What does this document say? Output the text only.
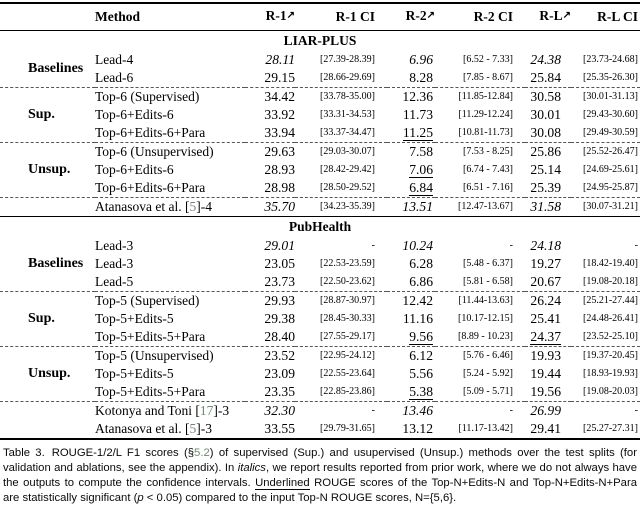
	Method	R-1↗	R-1 CI	R-2↗	R-2 CI	R-L↗	R-L CI
LIAR-PLUS							
Baselines	Lead-4	28.11	[27.39-28.39]	6.96	[6.52 - 7.33]	24.38	[23.73-24.68]
	Lead-6	29.15	[28.66-29.69]	8.28	[7.85 - 8.67]	25.84	[25.35-26.30]
Sup.	Top-6 (Supervised)	34.42	[33.78-35.00]	12.36	[11.85-12.84]	30.58	[30.01-31.13]
	Top-6+Edits-6	33.92	[33.31-34.53]	11.73	[11.29-12.24]	30.01	[29.43-30.60]
	Top-6+Edits-6+Para	33.94	[33.37-34.47]	11.25	[10.81-11.73]	30.08	[29.49-30.59]
Unsup.	Top-6 (Unsupervised)	29.63	[29.03-30.07]	7.58	[7.53 - 8.25]	25.86	[25.52-26.47]
	Top-6+Edits-6	28.93	[28.42-29.42]	7.06	[6.74 - 7.43]	25.14	[24.69-25.61]
	Top-6+Edits-6+Para	28.98	[28.50-29.52]	6.84	[6.51 - 7.16]	25.39	[24.95-25.87]
	Atanasova et al. [5]-4	35.70	[34.23-35.39]	13.51	[12.47-13.67]	31.58	[30.07-31.21]
PubHealth							
Baselines	Lead-3	29.01	-	10.24	-	24.18	-
	Lead-3	23.05	[22.53-23.59]	6.28	[5.48 - 6.37]	19.27	[18.42-19.40]
	Lead-5	23.73	[22.50-23.62]	6.86	[5.81 - 6.58]	20.67	[19.08-20.18]
Sup.	Top-5 (Supervised)	29.93	[28.87-30.97]	12.42	[11.44-13.63]	26.24	[25.21-27.44]
	Top-5+Edits-5	29.38	[28.45-30.33]	11.16	[10.17-12.15]	25.41	[24.48-26.41]
	Top-5+Edits-5+Para	28.40	[27.55-29.17]	9.56	[8.89 - 10.23]	24.37	[23.52-25.10]
Unsup.	Top-5 (Unsupervised)	23.52	[22.95-24.12]	6.12	[5.76 - 6.46]	19.93	[19.37-20.45]
	Top-5+Edits-5	23.09	[22.55-23.64]	5.56	[5.24 - 5.92]	19.44	[18.93-19.93]
	Top-5+Edits-5+Para	23.35	[22.85-23.86]	5.38	[5.09 - 5.71]	19.56	[19.08-20.03]
	Kotonya and Toni [17]-3	32.30	-	13.46	-	26.99	-
	Atanasova et al. [5]-3	33.55	[29.79-31.65]	13.12	[11.17-13.42]	29.41	[25.27-27.31]

Table 3. ROUGE-1/2/L F1 scores (§5.2) of supervised (Sup.) and usupervised (Unsup.) methods over the test splits (for validation and ablations, see the appendix). In italics, we report results reported from prior work, where we do not always have the outputs to compute the confidence intervals. Underlined ROUGE scores of the Top-N+Edits-N and Top-N+Edits-N+Para are statistically significant (p < 0.05) compared to the input Top-N ROUGE scores, N={5,6}.
